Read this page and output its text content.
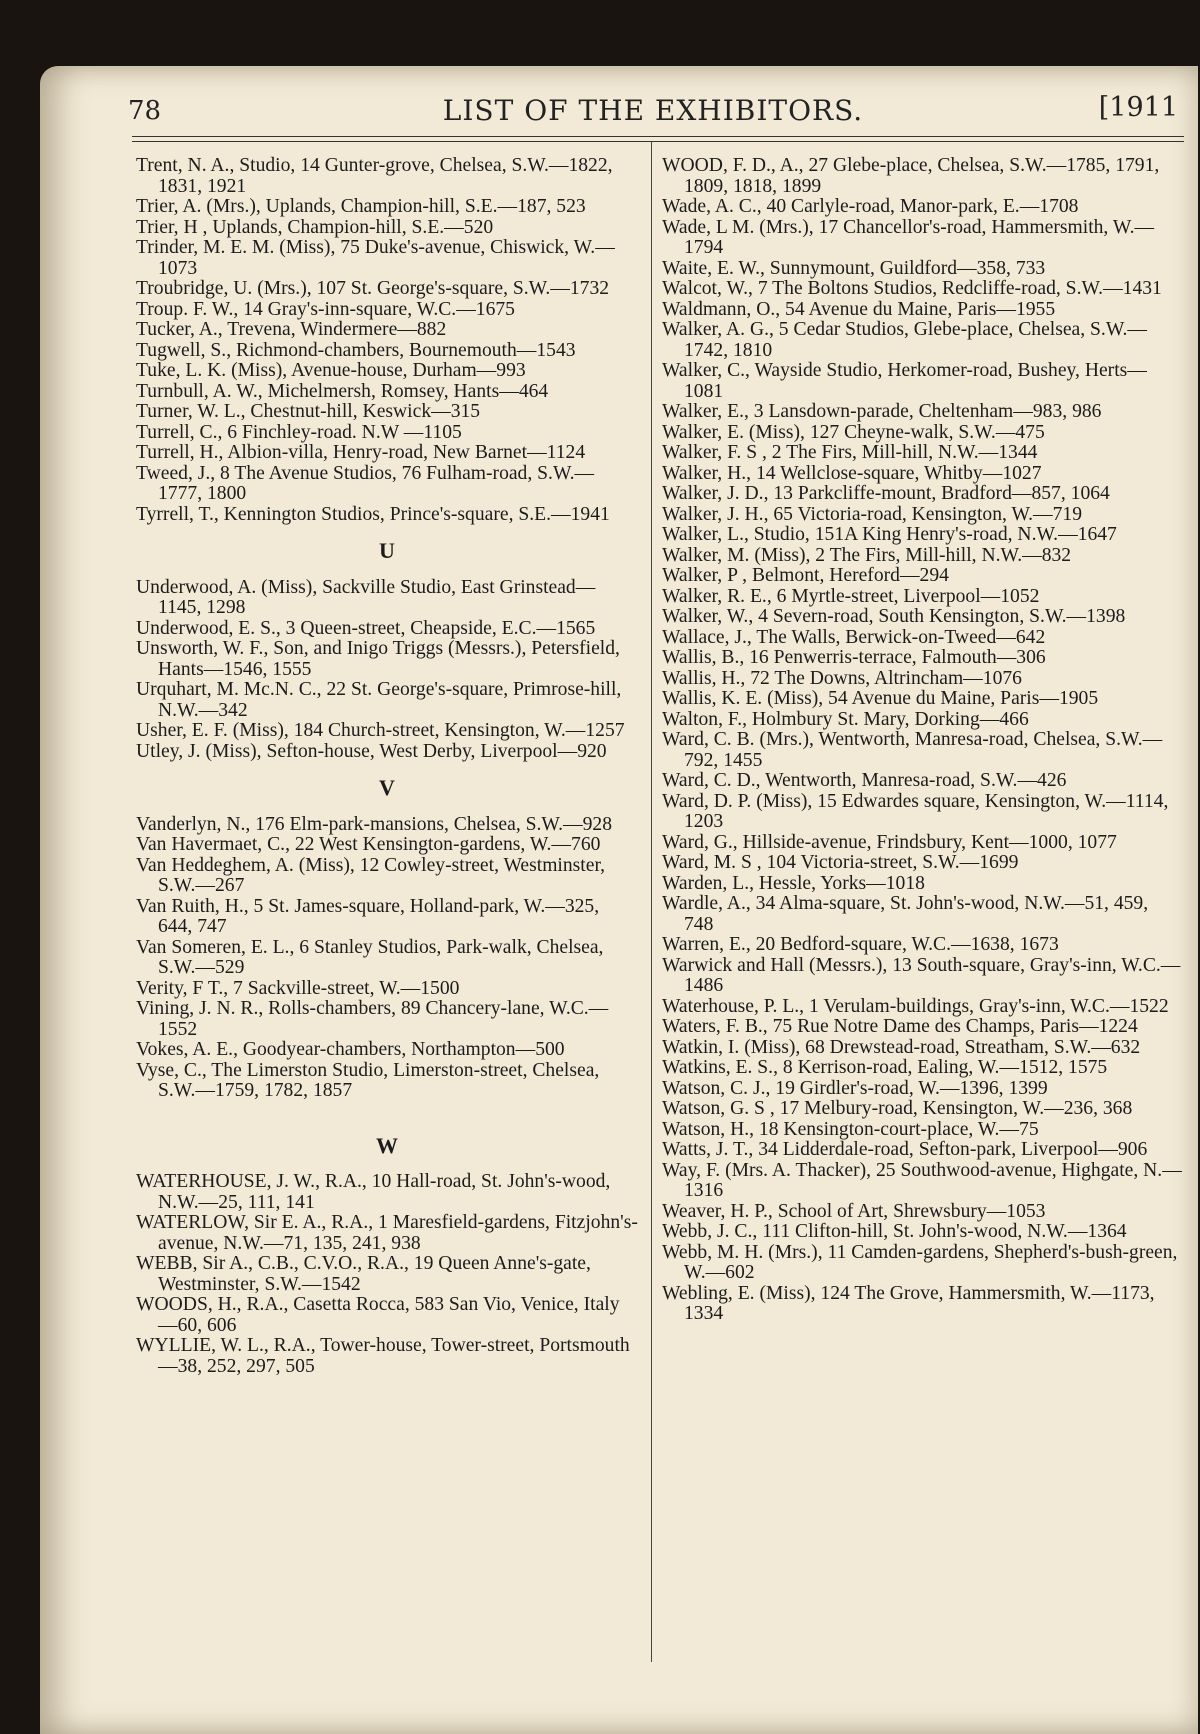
78	LIST OF THE EXHIBITORS.	[1911

Trent, N. A., Studio, 14 Gunter-grove, Chelsea, S.W.—1822, 1831, 1921

Trier, A. (Mrs.), Uplands, Champion-hill, S.E.—187, 523

Trier, H , Uplands, Champion-hill, S.E.—520

Trinder, M. E. M. (Miss), 75 Duke's-avenue, Chiswick, W.—1073

Troubridge, U. (Mrs.), 107 St. George's-square, S.W.—1732

Troup. F. W., 14 Gray's-inn-square, W.C.—1675

Tucker, A., Trevena, Windermere—882

Tugwell, S., Richmond-chambers, Bournemouth—1543

Tuke, L. K. (Miss), Avenue-house, Durham—993

Turnbull, A. W., Michelmersh, Romsey, Hants—464

Turner, W. L., Chestnut-hill, Keswick—315

Turrell, C., 6 Finchley-road. N.W —1105

Turrell, H., Albion-villa, Henry-road, New Barnet—1124

Tweed, J., 8 The Avenue Studios, 76 Fulham-road, S.W.—1777, 1800

Tyrrell, T., Kennington Studios, Prince's-square, S.E.—1941

U

Underwood, A. (Miss), Sackville Studio, East Grinstead—1145, 1298

Underwood, E. S., 3 Queen-street, Cheapside, E.C.—1565

Unsworth, W. F., Son, and Inigo Triggs (Messrs.), Petersfield, Hants—1546, 1555

Urquhart, M. Mc.N. C., 22 St. George's-square, Primrose-hill, N.W.—342

Usher, E. F. (Miss), 184 Church-street, Kensington, W.—1257

Utley, J. (Miss), Sefton-house, West Derby, Liverpool—920

V

Vanderlyn, N., 176 Elm-park-mansions, Chelsea, S.W.—928

Van Havermaet, C., 22 West Kensington-gardens, W.—760

Van Heddeghem, A. (Miss), 12 Cowley-street, Westminster, S.W.—267

Van Ruith, H., 5 St. James-square, Holland-park, W.—325, 644, 747

Van Someren, E. L., 6 Stanley Studios, Park-walk, Chelsea, S.W.—529

Verity, F T., 7 Sackville-street, W.—1500

Vining, J. N. R., Rolls-chambers, 89 Chancery-lane, W.C.—1552

Vokes, A. E., Goodyear-chambers, Northampton—500

Vyse, C., The Limerston Studio, Limerston-street, Chelsea, S.W.—1759, 1782, 1857

W

WATERHOUSE, J. W., R.A., 10 Hall-road, St. John's-wood, N.W.—25, 111, 141

WATERLOW, Sir E. A., R.A., 1 Maresfield-gardens, Fitzjohn's-avenue, N.W.—71, 135, 241, 938

WEBB, Sir A., C.B., C.V.O., R.A., 19 Queen Anne's-gate, Westminster, S.W.—1542

WOODS, H., R.A., Casetta Rocca, 583 San Vio, Venice, Italy—60, 606

WYLLIE, W. L., R.A., Tower-house, Tower-street, Portsmouth—38, 252, 297, 505

WOOD, F. D., A., 27 Glebe-place, Chelsea, S.W.—1785, 1791, 1809, 1818, 1899

Wade, A. C., 40 Carlyle-road, Manor-park, E.—1708

Wade, L M. (Mrs.), 17 Chancellor's-road, Hammersmith, W.—1794

Waite, E. W., Sunnymount, Guildford—358, 733

Walcot, W., 7 The Boltons Studios, Redcliffe-road, S.W.—1431

Waldmann, O., 54 Avenue du Maine, Paris—1955

Walker, A. G., 5 Cedar Studios, Glebe-place, Chelsea, S.W.—1742, 1810

Walker, C., Wayside Studio, Herkomer-road, Bushey, Herts—1081

Walker, E., 3 Lansdown-parade, Cheltenham—983, 986

Walker, E. (Miss), 127 Cheyne-walk, S.W.—475

Walker, F. S , 2 The Firs, Mill-hill, N.W.—1344

Walker, H., 14 Wellclose-square, Whitby—1027

Walker, J. D., 13 Parkcliffe-mount, Bradford—857, 1064

Walker, J. H., 65 Victoria-road, Kensington, W.—719

Walker, L., Studio, 151A King Henry's-road, N.W.—1647

Walker, M. (Miss), 2 The Firs, Mill-hill, N.W.—832

Walker, P , Belmont, Hereford—294

Walker, R. E., 6 Myrtle-street, Liverpool—1052

Walker, W., 4 Severn-road, South Kensington, S.W.—1398

Wallace, J., The Walls, Berwick-on-Tweed—642

Wallis, B., 16 Penwerris-terrace, Falmouth—306

Wallis, H., 72 The Downs, Altrincham—1076

Wallis, K. E. (Miss), 54 Avenue du Maine, Paris—1905

Walton, F., Holmbury St. Mary, Dorking—466

Ward, C. B. (Mrs.), Wentworth, Manresa-road, Chelsea, S.W.—792, 1455

Ward, C. D., Wentworth, Manresa-road, S.W.—426

Ward, D. P. (Miss), 15 Edwardes square, Kensington, W.—1114, 1203

Ward, G., Hillside-avenue, Frindsbury, Kent—1000, 1077

Ward, M. S , 104 Victoria-street, S.W.—1699

Warden, L., Hessle, Yorks—1018

Wardle, A., 34 Alma-square, St. John's-wood, N.W.—51, 459, 748

Warren, E., 20 Bedford-square, W.C.—1638, 1673

Warwick and Hall (Messrs.), 13 South-square, Gray's-inn, W.C.—1486

Waterhouse, P. L., 1 Verulam-buildings, Gray's-inn, W.C.—1522

Waters, F. B., 75 Rue Notre Dame des Champs, Paris—1224

Watkin, I. (Miss), 68 Drewstead-road, Streatham, S.W.—632

Watkins, E. S., 8 Kerrison-road, Ealing, W.—1512, 1575

Watson, C. J., 19 Girdler's-road, W.—1396, 1399

Watson, G. S , 17 Melbury-road, Kensington, W.—236, 368

Watson, H., 18 Kensington-court-place, W.—75

Watts, J. T., 34 Lidderdale-road, Sefton-park, Liverpool—906

Way, F. (Mrs. A. Thacker), 25 Southwood-avenue, Highgate, N.—1316

Weaver, H. P., School of Art, Shrewsbury—1053

Webb, J. C., 111 Clifton-hill, St. John's-wood, N.W.—1364

Webb, M. H. (Mrs.), 11 Camden-gardens, Shepherd's-bush-green, W.—602

Webling, E. (Miss), 124 The Grove, Hammersmith, W.—1173, 1334
